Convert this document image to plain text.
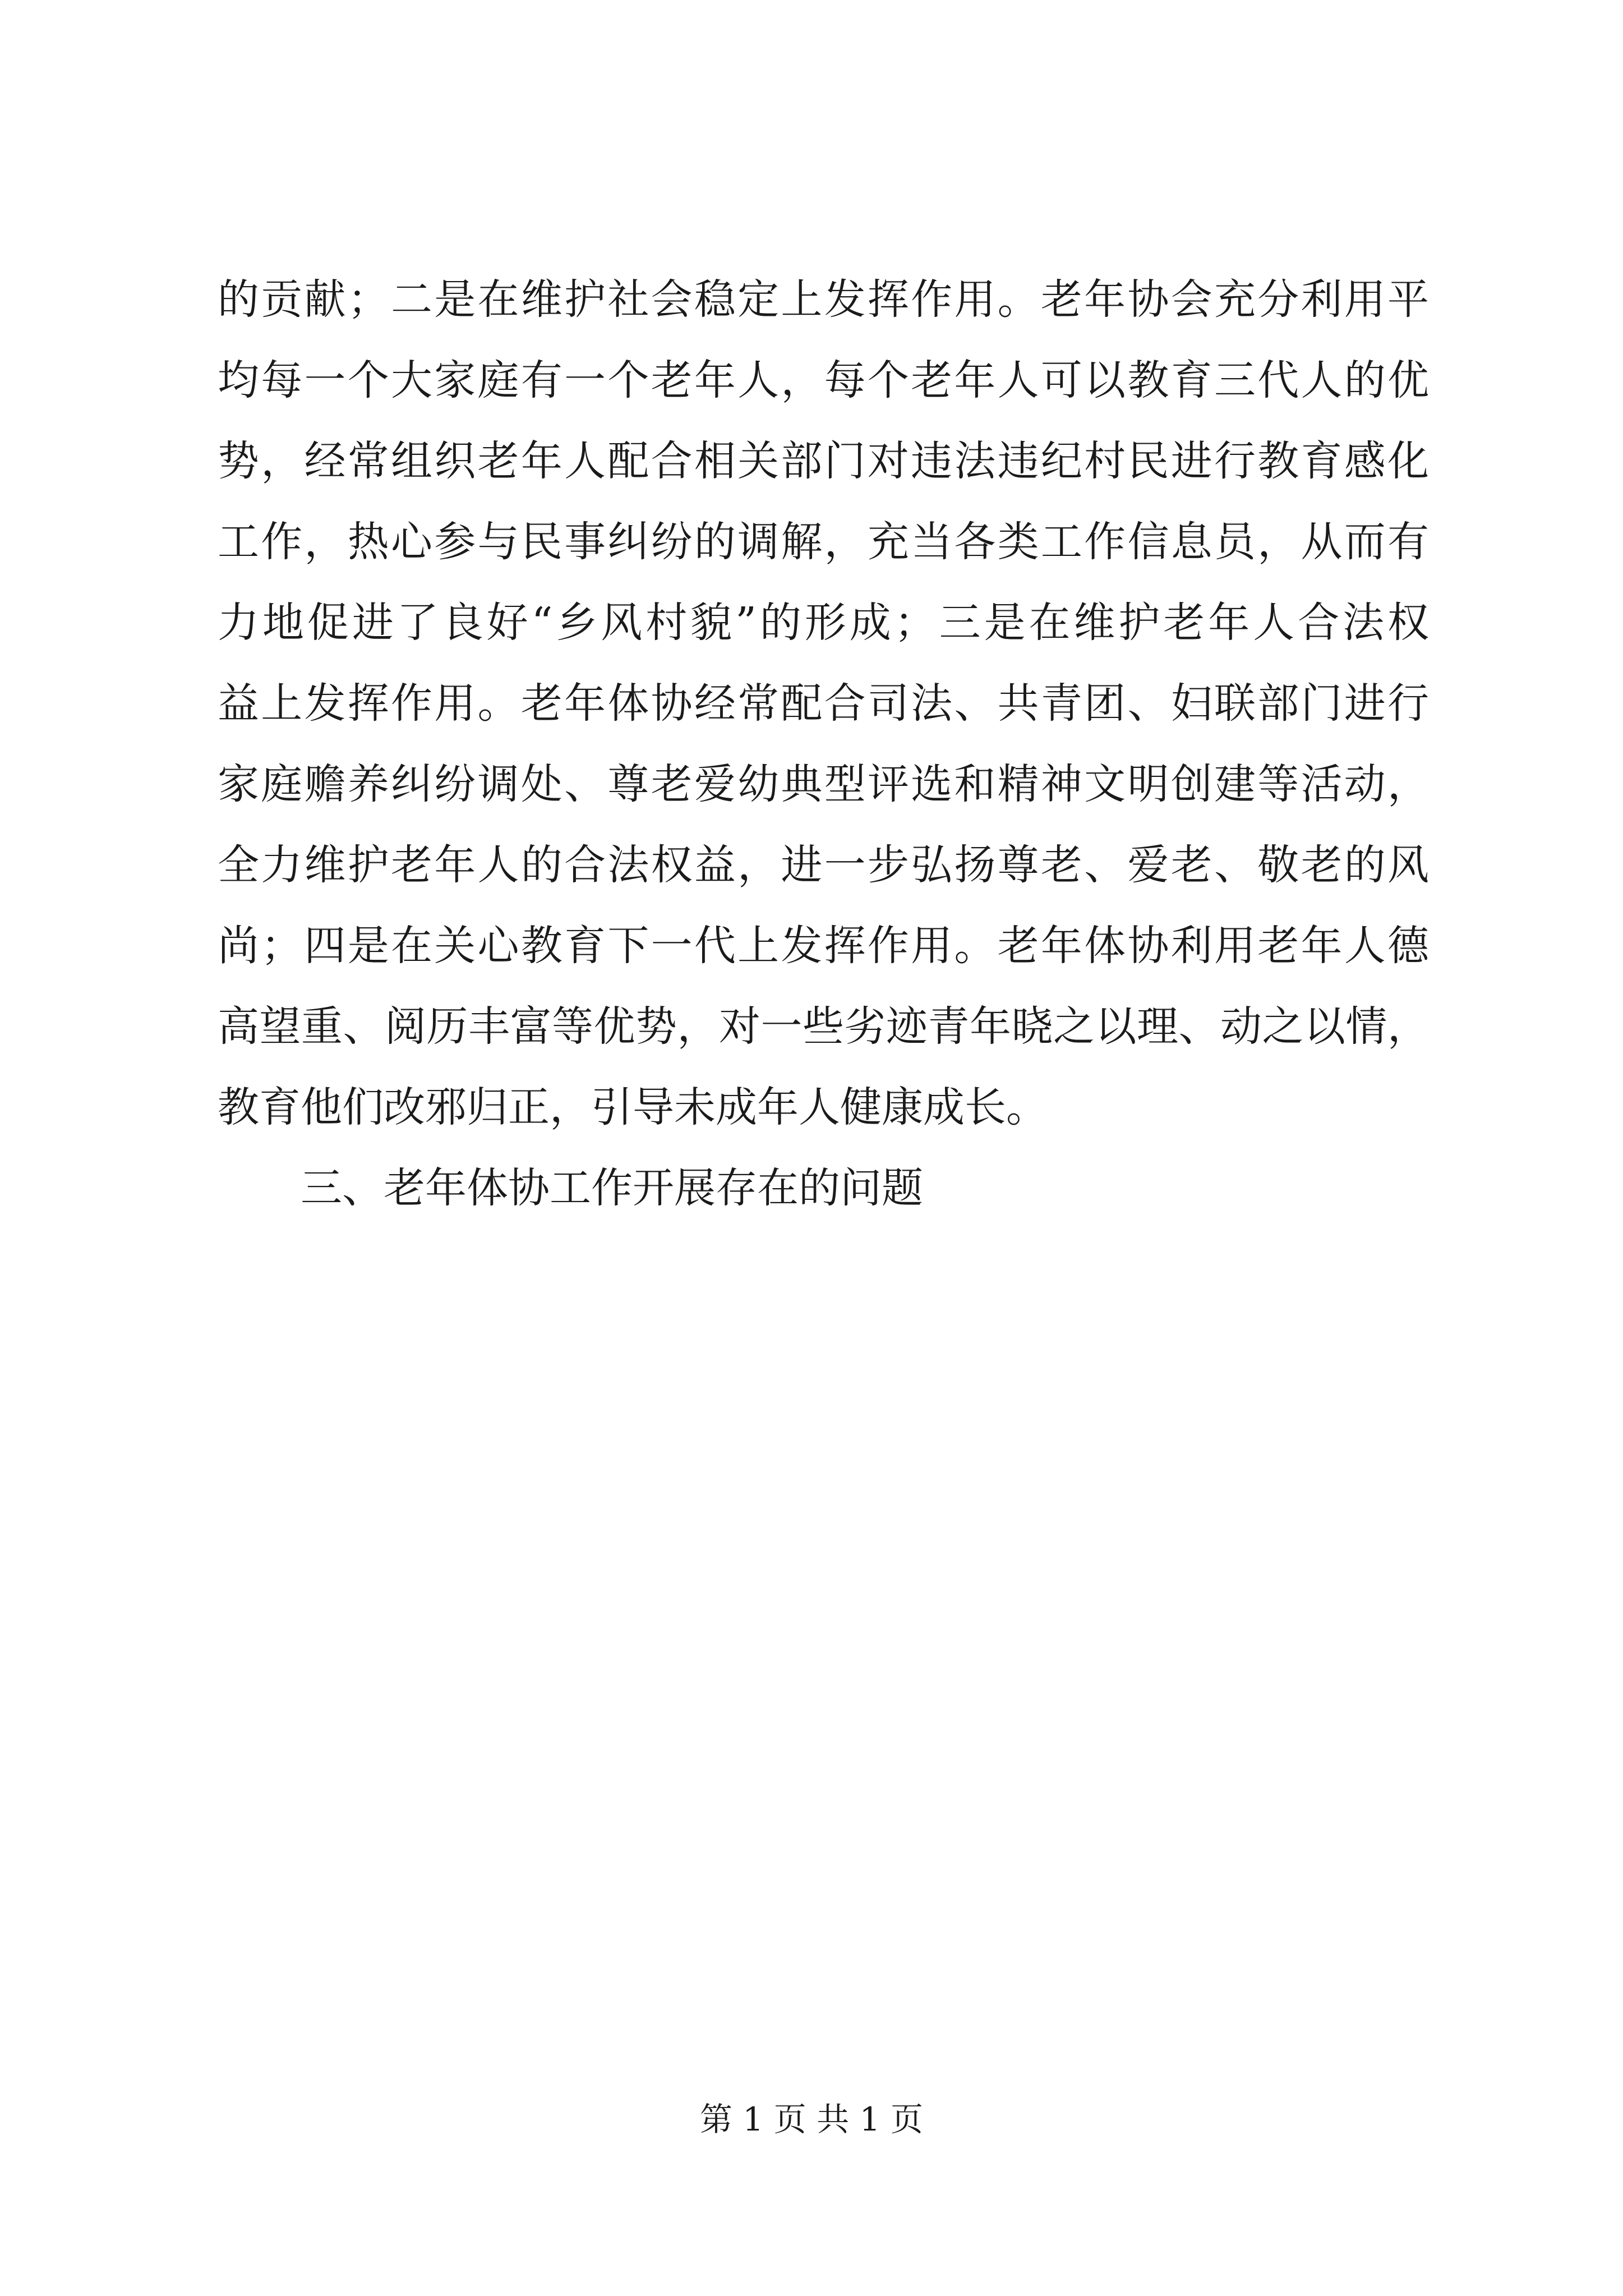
的贡献；二是在维护社会稳定上发挥作用。老年协会充分利用平
均每一个大家庭有一个老年人，每个老年人可以教育三代人的优
势，经常组织老年人配合相关部门对违法违纪村民进行教育感化
工作，热心参与民事纠纷的调解，充当各类工作信息员，从而有
力地促进了良好“乡风村貌”的形成；三是在维护老年人合法权
益上发挥作用。老年体协经常配合司法、共青团、妇联部门进行
家庭赡养纠纷调处、尊老爱幼典型评选和精神文明创建等活动，
全力维护老年人的合法权益，进一步弘扬尊老、爱老、敬老的风
尚；四是在关心教育下一代上发挥作用。老年体协利用老年人德
高望重、阅历丰富等优势，对一些劣迹青年晓之以理、动之以情，
教育他们改邪归正，引导未成年人健康成长。
三、老年体协工作开展存在的问题
第 1 页 共 1 页
